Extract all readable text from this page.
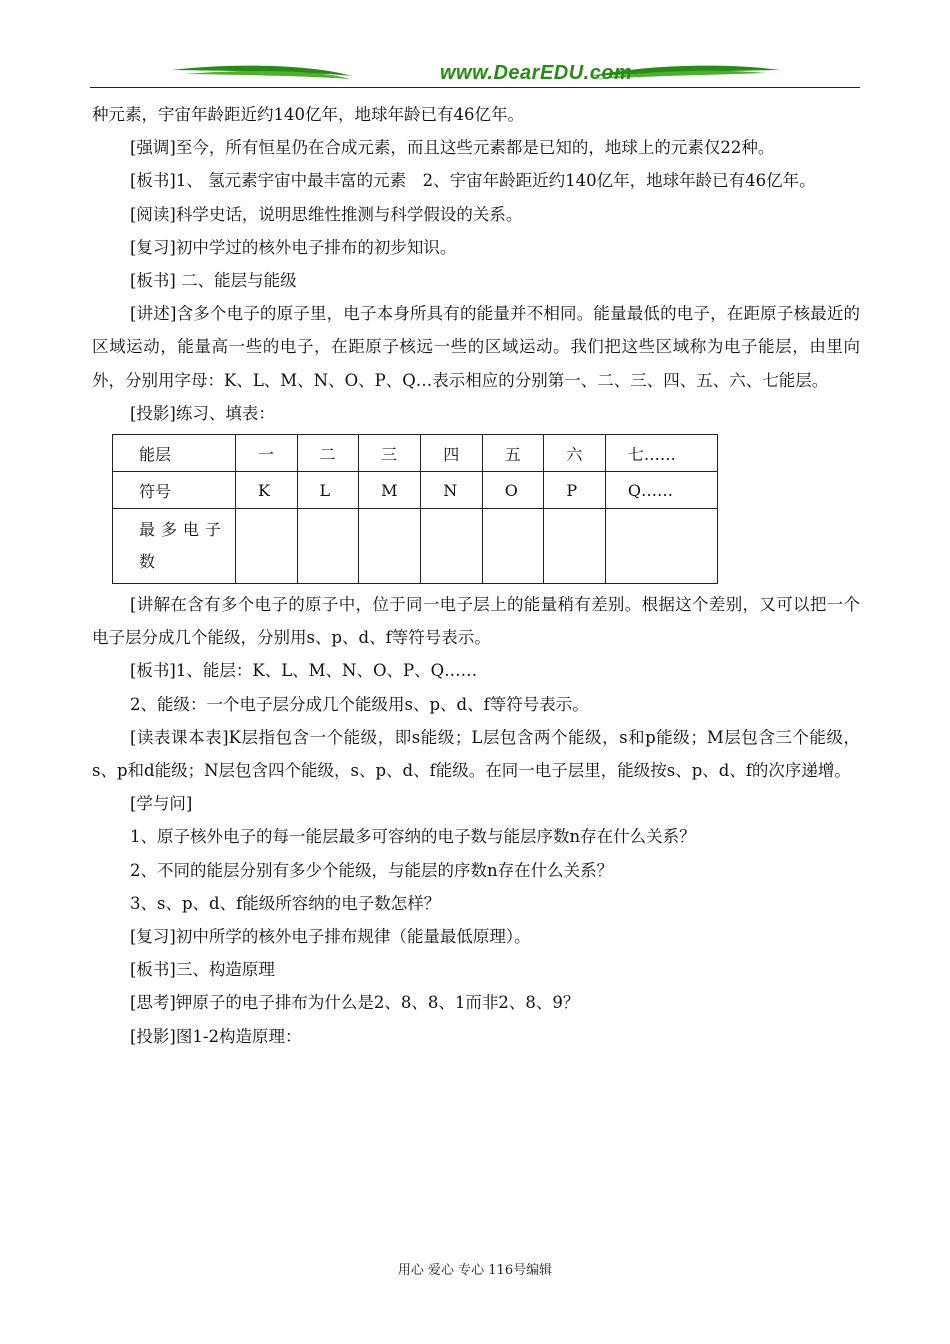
www.DearEDU.com

种元素，宇宙年龄距近约140亿年，地球年龄已有46亿年。

[强调]至今，所有恒星仍在合成元素，而且这些元素都是已知的，地球上的元素仅22种。

[板书]1、 氢元素宇宙中最丰富的元素　2、宇宙年龄距近约140亿年，地球年龄已有46亿年。

[阅读]科学史话，说明思维性推测与科学假设的关系。

[复习]初中学过的核外电子排布的初步知识。

[板书] 二、能层与能级

[讲述]含多个电子的原子里，电子本身所具有的能量并不相同。能量最低的电子，在距原子核最近的区域运动，能量高一些的电子，在距原子核远一些的区域运动。我们把这些区域称为电子能层，由里向外，分别用字母：K、L、M、N、O、P、Q…表示相应的分别第一、二、三、四、五、六、七能层。

[投影]练习、填表：

能层	一	二	三	四	五	六	七……
符号	K	L	M	N	O	P	Q……
最多电子数							

[讲解在含有多个电子的原子中，位于同一电子层上的能量稍有差别。根据这个差别，又可以把一个电子层分成几个能级，分别用s、p、d、f等符号表示。

[板书]1、能层：K、L、M、N、O、P、Q……

2、能级：一个电子层分成几个能级用s、p、d、f等符号表示。

[读表课本表]K层指包含一个能级，即s能级；L层包含两个能级，s和p能级；M层包含三个能级，s、p和d能级；N层包含四个能级，s、p、d、f能级。在同一电子层里，能级按s、p、d、f的次序递增。

[学与问]

1、原子核外电子的每一能层最多可容纳的电子数与能层序数n存在什么关系？

2、不同的能层分别有多少个能级，与能层的序数n存在什么关系？

3、s、p、d、f能级所容纳的电子数怎样？

[复习]初中所学的核外电子排布规律（能量最低原理）。

[板书]三、构造原理

[思考]钾原子的电子排布为什么是2、8、8、1而非2、8、9？

[投影]图1-2构造原理：

用心 爱心 专心 116号编辑
